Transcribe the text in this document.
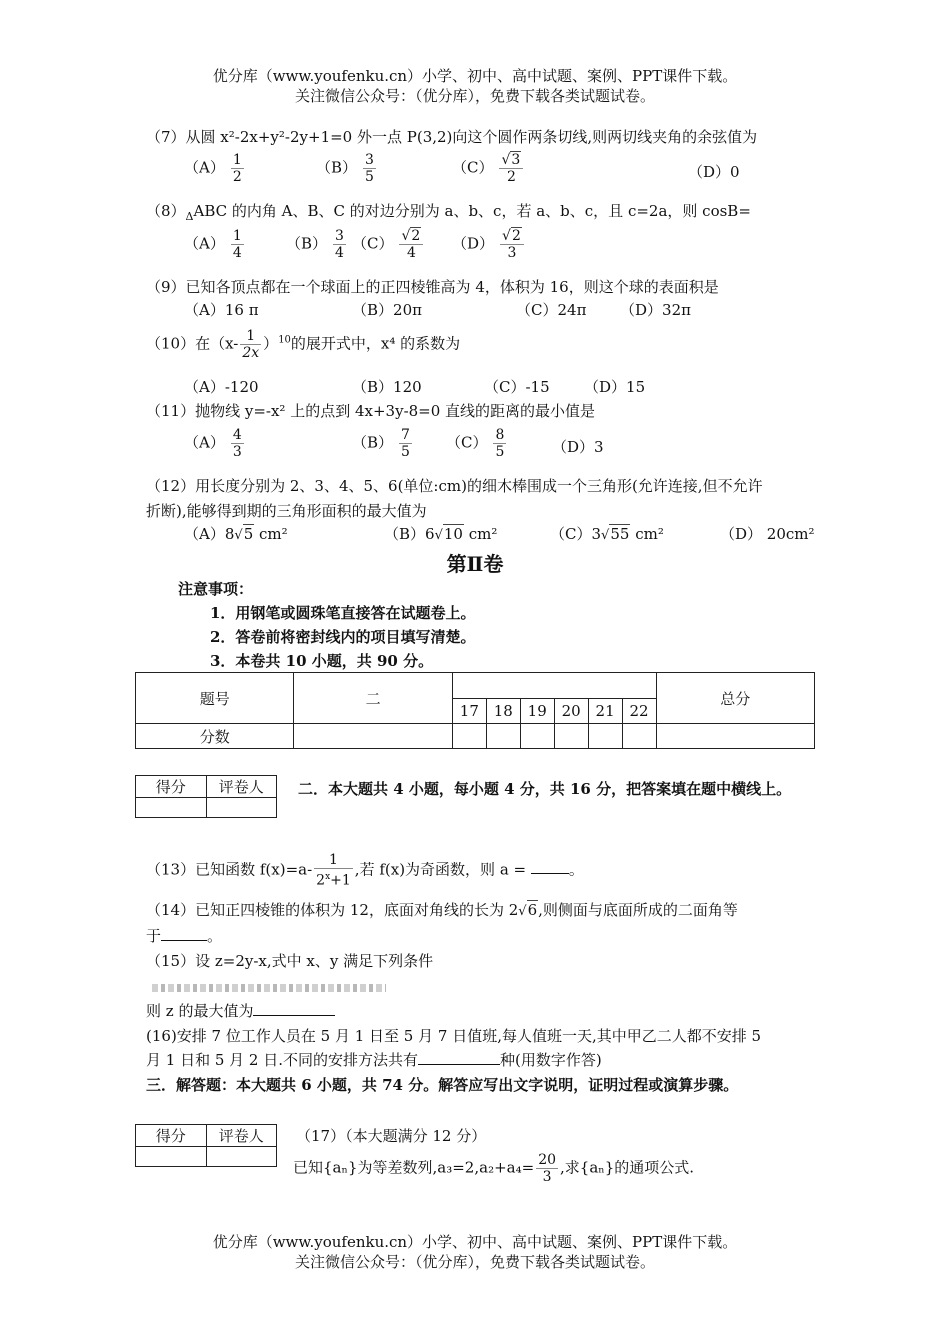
优分库（www.youfenku.cn）小学、初中、高中试题、案例、PPT课件下载。
关注微信公众号：（优分库），免费下载各类试题试卷。
（7）从圆 x²-2x+y²-2y+1=0 外一点 P(3,2)向这个圆作两条切线,则两切线夹角的余弦值为
$(A) \frac{1}{2}$	$(B) \frac{3}{5}$	$(C) \frac{√3}{2}$	（D）0
$(8)_\Delta ABC$ 的内角 A、B、C 的对边分别为 a、b、c，若 a、b、c，且 c=2a，则 cosB=
$(A) \frac{1}{4}$	$(B) \frac{3}{4} (C) \frac{√2}{4} (D) \frac{√2}{3}$
（9）已知各顶点都在一个球面上的正四棱锥高为 4，体积为 16，则这个球的表面积是
（A）16 π	（B）20π	（C）24π （D）32π
（10）在$(x- \frac{1}{2x} )^{10}$的展开式中，x⁴ 的系数为
（A）-120	（B）120	（C）-15 （D）15
（11）抛物线 y=-x² 上的点到 4x+3y-8=0 直线的距离的最小值是
$(A) \frac{4}{3}$	$(B) \frac{7}{5} (C) \frac{8}{5}$	（D）3
（12）用长度分别为 2、3、4、5、6(单位:cm)的细木棒围成一个三角形(允许连接,但不允许
折断),能够得到期的三角形面积的最大值为
（A）8√5 cm²	（B）6√10 cm²	（C）3√55 cm²	（D） 20cm²
第Ⅱ卷
注意事项：
1．用钢笔或圆珠笔直接答在试题卷上。
2．答卷前将密封线内的项目填写清楚。
3．本卷共 10 小题，共 90 分。
题号	二							总分
		17	18	19	20	21	22	
分数								
得分	评卷人
	二．本大题共 4 小题，每小题 4 分，共 16 分，把答案填在题中横线上。
（13）已知函数 $f(x)=a- \frac{1}{2^x+1}$ ,若 f(x)为奇函数，则 a =	。
（14）已知正四棱锥的体积为 12，底面对角线的长为 2√6,则侧面与底面所成的二面角等
于	。
（15）设 z=2y-x,式中 x、y 满足下列条件
则 z 的最大值为
(16)安排 7 位工作人员在 5 月 1 日至 5 月 7 日值班,每人值班一天,其中甲乙二人都不安排 5
月 1 日和 5 月 2 日.不同的安排方法共有	种(用数字作答)
三．解答题：本大题共 6 小题，共 74 分。解答应写出文字说明，证明过程或演算步骤。
得分	评卷人
	（17）（本大题满分 12 分）
已知{aₙ}为等差数列$,a_3=2,a_2+a_4= \frac{20}{3}$ ,求{aₙ}的通项公式.
优分库（www.youfenku.cn）小学、初中、高中试题、案例、PPT课件下载。
关注微信公众号：（优分库），免费下载各类试题试卷。
